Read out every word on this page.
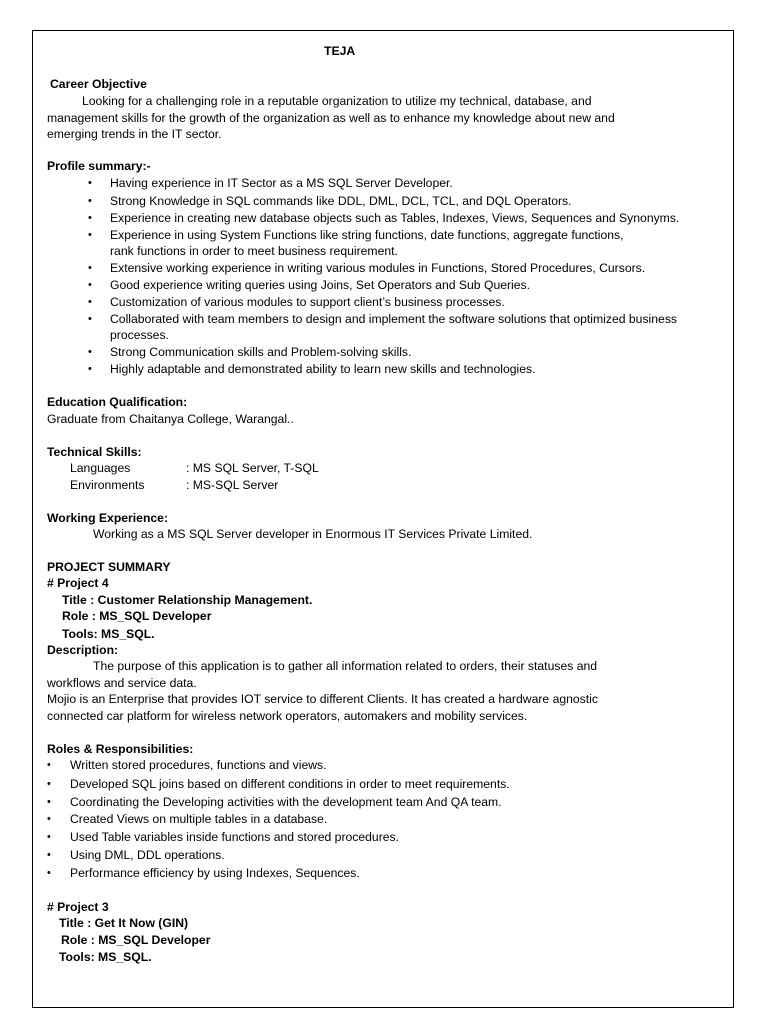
TEJA
Career Objective
Looking for a challenging role in a reputable organization to utilize my technical, database, and
management skills for the growth of the organization as well as to enhance my knowledge about new and
emerging trends in the IT sector.
Profile summary:-
• Having experience in IT Sector as a MS SQL Server Developer.
• Strong Knowledge in SQL commands like DDL, DML, DCL, TCL, and DQL Operators.
• Experience in creating new database objects such as Tables, Indexes, Views, Sequences and Synonyms.
• Experience in using System Functions like string functions, date functions, aggregate functions,
rank functions in order to meet business requirement.
• Extensive working experience in writing various modules in Functions, Stored Procedures, Cursors.
• Good experience writing queries using Joins, Set Operators and Sub Queries.
• Customization of various modules to support client’s business processes.
• Collaborated with team members to design and implement the software solutions that optimized business
processes.
• Strong Communication skills and Problem-solving skills.
• Highly adaptable and demonstrated ability to learn new skills and technologies.
Education Qualification:
Graduate from Chaitanya College, Warangal..
Technical Skills:
Languages	: MS SQL Server, T-SQL
Environments	: MS-SQL Server
Working Experience:
Working as a MS SQL Server developer in Enormous IT Services Private Limited.
PROJECT SUMMARY
# Project 4
Title : Customer Relationship Management.
Role : MS_SQL Developer
Tools: MS_SQL.
Description:
The purpose of this application is to gather all information related to orders, their statuses and
workflows and service data.
Mojio is an Enterprise that provides IOT service to different Clients. It has created a hardware agnostic
connected car platform for wireless network operators, automakers and mobility services.
Roles & Responsibilities:
• Written stored procedures, functions and views.
• Developed SQL joins based on different conditions in order to meet requirements.
• Coordinating the Developing activities with the development team And QA team.
• Created Views on multiple tables in a database.
• Used Table variables inside functions and stored procedures.
• Using DML, DDL operations.
• Performance efficiency by using Indexes, Sequences.
# Project 3
Title : Get It Now (GIN)
Role : MS_SQL Developer
Tools: MS_SQL.
